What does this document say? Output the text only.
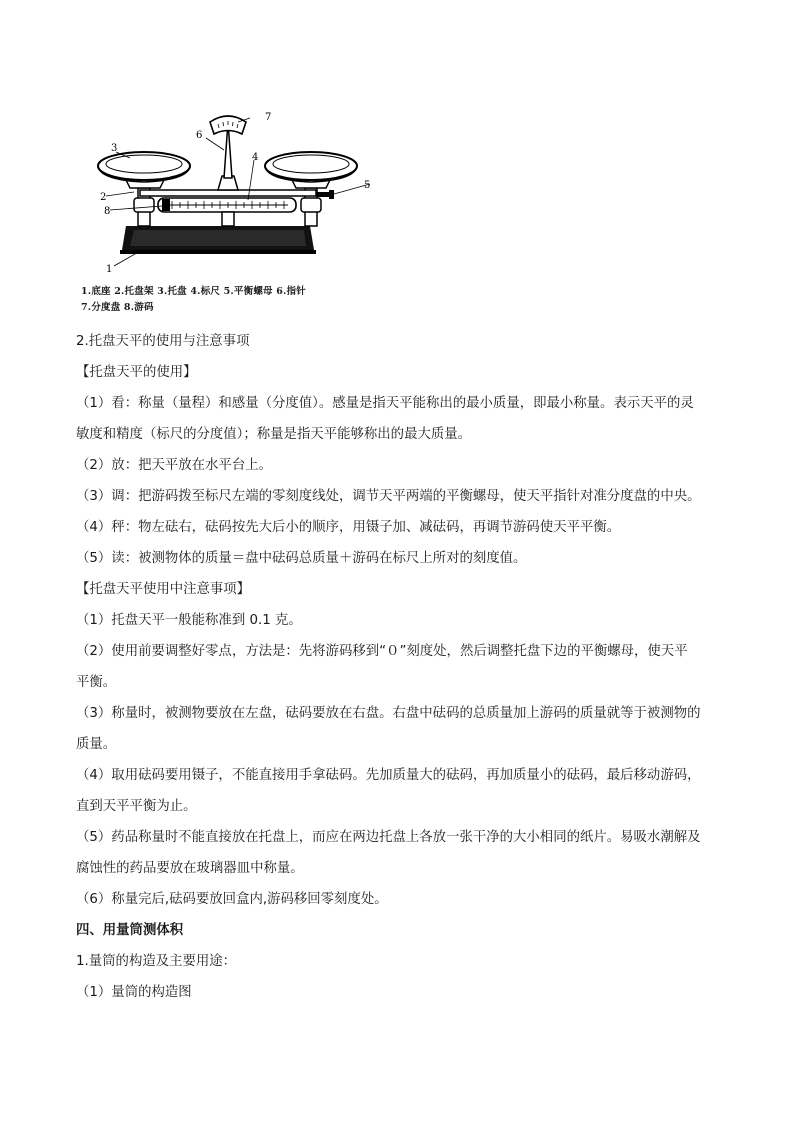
3
2
8
6
4
7
5
1
1.底座 2.托盘架 3.托盘 4.标尺 5.平衡螺母 6.指针
7.分度盘 8.游码
2.托盘天平的使用与注意事项
【托盘天平的使用】
（1）看：称量（量程）和感量（分度值）。感量是指天平能称出的最小质量，即最小称量。表示天平的灵
敏度和精度（标尺的分度值）；称量是指天平能够称出的最大质量。
（2）放：把天平放在水平台上。
（3）调：把游码拨至标尺左端的零刻度线处，调节天平两端的平衡螺母，使天平指针对准分度盘的中央。
（4）秤：物左砝右，砝码按先大后小的顺序，用镊子加、减砝码，再调节游码使天平平衡。
（5）读：被测物体的质量＝盘中砝码总质量＋游码在标尺上所对的刻度值。
【托盘天平使用中注意事项】
（1）托盘天平一般能称准到 0.1 克。
（2）使用前要调整好零点，方法是：先将游码移到“０”刻度处，然后调整托盘下边的平衡螺母，使天平
平衡。
（3）称量时，被测物要放在左盘，砝码要放在右盘。右盘中砝码的总质量加上游码的质量就等于被测物的
质量。
（4）取用砝码要用镊子，不能直接用手拿砝码。先加质量大的砝码，再加质量小的砝码，最后移动游码，
直到天平平衡为止。
（5）药品称量时不能直接放在托盘上，而应在两边托盘上各放一张干净的大小相同的纸片。易吸水潮解及
腐蚀性的药品要放在玻璃器皿中称量。
（6）称量完后,砝码要放回盒内,游码移回零刻度处。
四、用量筒测体积
1.量筒的构造及主要用途：
（1）量筒的构造图
